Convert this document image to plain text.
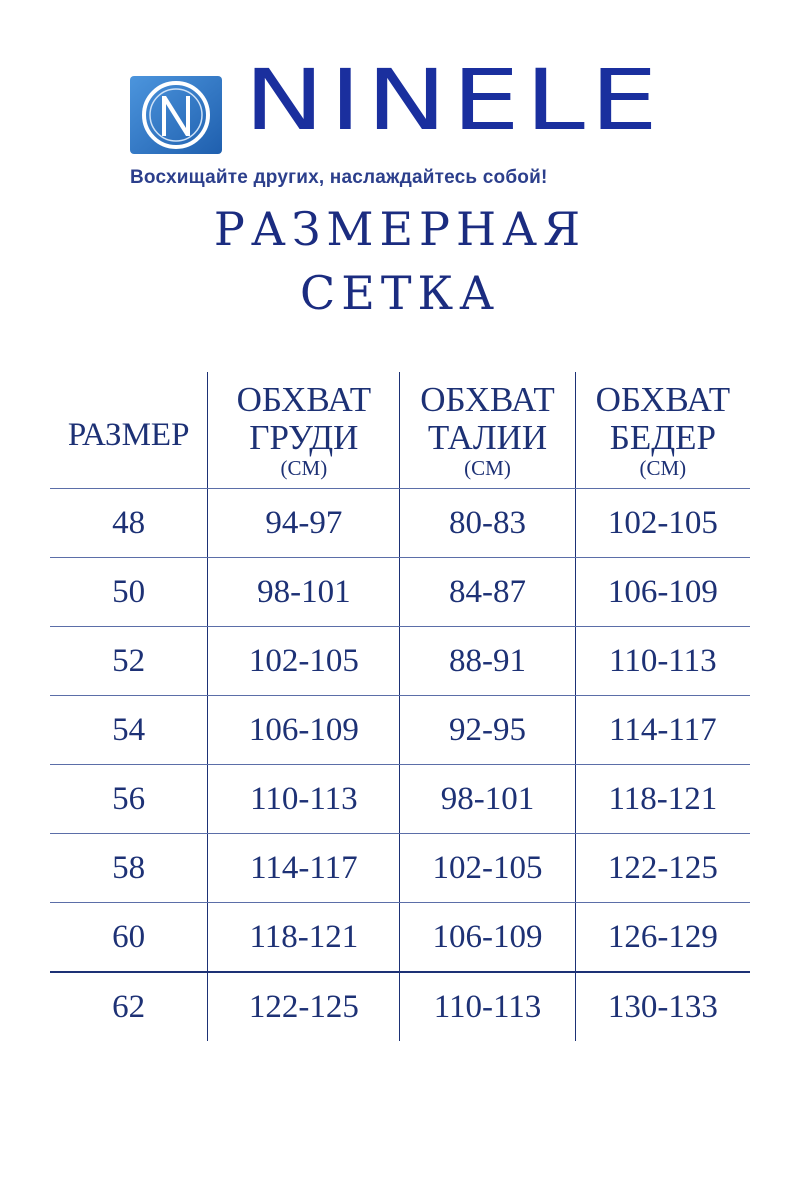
NINELE
Восхищайте других, наслаждайтесь собой!
РАЗМЕРНАЯ
СЕТКА
РАЗМЕР	ОБХВАТ
ГРУДИ
(СМ)	ОБХВАТ
ТАЛИИ
(СМ)	ОБХВАТ
БЕДЕР
(СМ)

48	94-97	80-83	102-105
50	98-101	84-87	106-109
52	102-105	88-91	110-113
54	106-109	92-95	114-117
56	110-113	98-101	118-121
58	114-117	102-105	122-125
60	118-121	106-109	126-129
62	122-125	110-113	130-133
